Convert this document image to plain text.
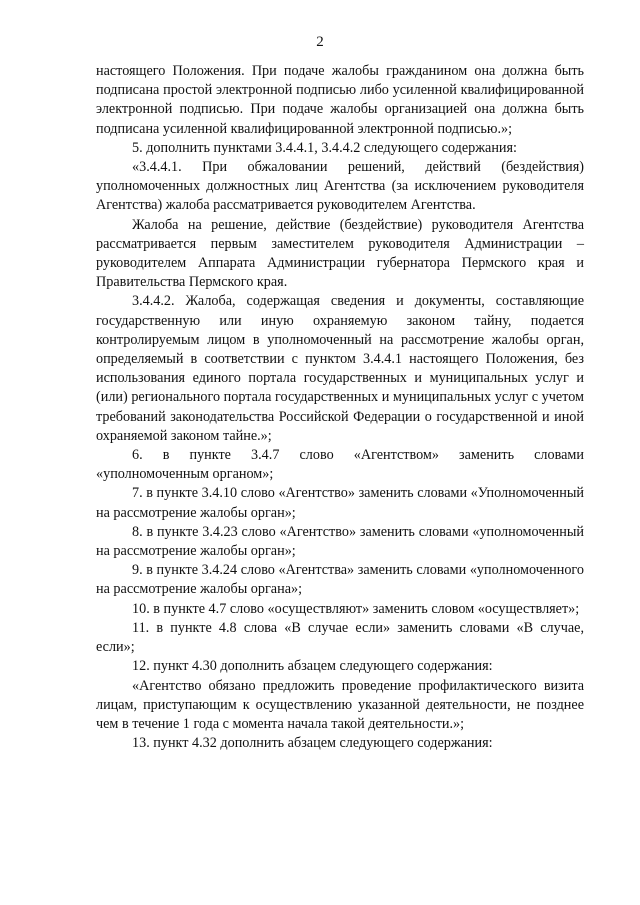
2

настоящего Положения. При подаче жалобы гражданином она должна быть подписана простой электронной подписью либо усиленной квалифицированной электронной подписью. При подаче жалобы организацией она должна быть подписана усиленной квалифицированной электронной подписью.»;

5. дополнить пунктами 3.4.4.1, 3.4.4.2 следующего содержания:

«3.4.4.1. При обжаловании решений, действий (бездействия) уполномоченных должностных лиц Агентства (за исключением руководителя Агентства) жалоба рассматривается руководителем Агентства.

Жалоба на решение, действие (бездействие) руководителя Агентства рассматривается первым заместителем руководителя Администрации – руководителем Аппарата Администрации губернатора Пермского края и Правительства Пермского края.

3.4.4.2. Жалоба, содержащая сведения и документы, составляющие государственную или иную охраняемую законом тайну, подается контролируемым лицом в уполномоченный на рассмотрение жалобы орган, определяемый в соответствии с пунктом 3.4.4.1 настоящего Положения, без использования единого портала государственных и муниципальных услуг и (или) регионального портала государственных и муниципальных услуг с учетом требований законодательства Российской Федерации о государственной и иной охраняемой законом тайне.»;

6. в пункте 3.4.7 слово «Агентством» заменить словами «уполномоченным органом»;

7. в пункте 3.4.10 слово «Агентство» заменить словами «Уполномоченный на рассмотрение жалобы орган»;

8. в пункте 3.4.23 слово «Агентство» заменить словами «уполномоченный на рассмотрение жалобы орган»;

9. в пункте 3.4.24 слово «Агентства» заменить словами «уполномоченного на рассмотрение жалобы органа»;

10. в пункте 4.7 слово «осуществляют» заменить словом «осуществляет»;

11. в пункте 4.8 слова «В случае если» заменить словами «В случае, если»;

12. пункт 4.30 дополнить абзацем следующего содержания:

«Агентство обязано предложить проведение профилактического визита лицам, приступающим к осуществлению указанной деятельности, не позднее чем в течение 1 года с момента начала такой деятельности.»;

13. пункт 4.32 дополнить абзацем следующего содержания:
